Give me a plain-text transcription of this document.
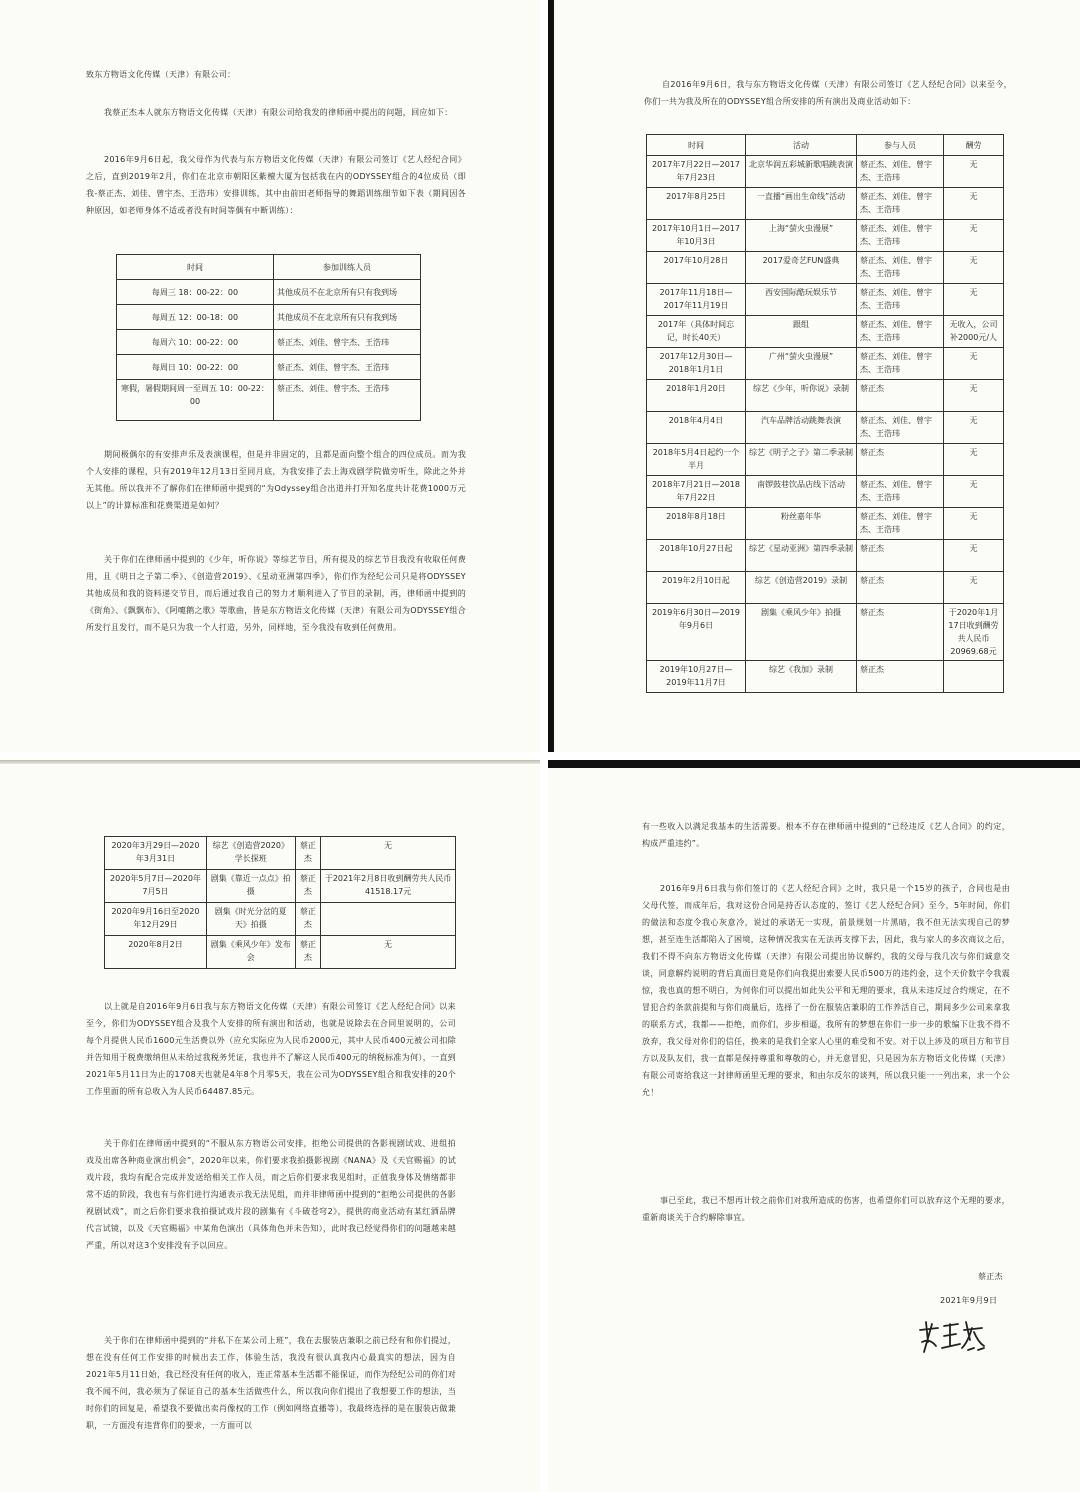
致东方物语文化传媒（天津）有限公司：

我蔡正杰本人就东方物语文化传媒（天津）有限公司给我发的律师函中提出的问题，回应如下：

2016年9月6日起，我父母作为代表与东方物语文化传媒（天津）有限公司签订《艺人经纪合同》之后，直到2019年2月，你们在北京市朝阳区紫檀大厦为包括我在内的ODYSSEY组合的4位成员（即我-蔡正杰、刘佳、曾宇杰、王浩玮）安排训练，其中由前田老师指导的舞蹈训练细节如下表（期间因各种原因，如老师身体不适或者没有时间等偶有中断训练）：

时间	参加训练人员
每周三 18：00-22：00	其他成员不在北京所有只有我到场
每周五 12：00-18：00	其他成员不在北京所有只有我到场
每周六 10：00-22：00	蔡正杰、刘佳、曾宇杰、王浩玮
每周日 10：00-22：00	蔡正杰、刘佳、曾宇杰、王浩玮
寒假，暑假期间周一至周五 10：00-22：00	蔡正杰、刘佳、曾宇杰、王浩玮

期间极偶尔的有安排声乐及表演课程，但是并非固定的，且都是面向整个组合的四位成员。而为我个人安排的课程，只有2019年12月13日至同月底，为我安排了去上海戏剧学院做旁听生，除此之外并无其他。所以我并不了解你们在律师函中提到的“为Odyssey组合出道并打开知名度共计花费1000万元以上”的计算标准和花费渠道是如何？

关于你们在律师函中提到的《少年，听你说》等综艺节目，所有提及的综艺节目我没有收取任何费用，且《明日之子第二季》、《创造营2019》、《星动亚洲第四季》，你们作为经纪公司只是将ODYSSEY其他成员和我的资料递交节目，而后通过我自己的努力才顺利进入了节目的录制，再，律师函中提到的《街角》、《飘飘布》、《阿嚏鹅之歌》等歌曲，皆是东方物语文化传媒（天津）有限公司为ODYSSEY组合所发行且发行，而不是只为我一个人打造，另外，同样地，至今我没有收到任何费用。

自2016年9月6日，我与东方物语文化传媒（天津）有限公司签订《艺人经纪合同》以来至今，你们一共为我及所在的ODYSSEY组合所安排的所有演出及商业活动如下：

时间	活动	参与人员	酬劳
2017年7月22日—2017年7月23日	北京华润五彩城新歌唱跳表演	蔡正杰、刘佳、曾宇杰、王浩玮	无
2017年8月25日	一直播“画出生命线”活动	蔡正杰、刘佳、曾宇杰、王浩玮	无
2017年10月1日—2017年10月3日	上海“萤火虫漫展”	蔡正杰、刘佳、曾宇杰、王浩玮	无
2017年10月28日	2017爱奇艺FUN盛典	蔡正杰、刘佳、曾宇杰、王浩玮	无
2017年11月18日—2017年11月19日	西安国际酷玩娱乐节	蔡正杰、刘佳、曾宇杰、王浩玮	无
2017年（具体时间忘记，时长40天）	跟组	蔡正杰、刘佳、曾宇杰、王浩玮	无收入，公司补2000元/人
2017年12月30日—2018年1月1日	广州“萤火虫漫展”	蔡正杰、刘佳、曾宇杰、王浩玮	无
2018年1月20日	综艺《少年，听你说》录制	蔡正杰	无
2018年4月4日	汽车品牌活动跳舞表演	蔡正杰、刘佳、曾宇杰、王浩玮	无
2018年5月4日起约一个半月	综艺《明子之子》第二季录制	蔡正杰	无
2018年7月21日—2018年7月22日	南锣鼓巷饮品店线下活动	蔡正杰、刘佳、曾宇杰、王浩玮	无
2018年8月18日	粉丝嘉年华	蔡正杰、刘佳、曾宇杰、王浩玮	无
2018年10月27日起	综艺《星动亚洲》第四季录制	蔡正杰	无
2019年2月10日起	综艺《创造营2019》录制	蔡正杰	无
2019年6月30日—2019年9月6日	剧集《乘风少年》拍摄	蔡正杰	于2020年1月17日收到酬劳共人民币20969.68元
2019年10月27日—2019年11月7日	综艺《我加》录制	蔡正杰	
2020年3月29日—2020年3月31日	综艺《创造营2020》学长探班	蔡正杰	无
2020年5月7日—2020年7月5日	剧集《靠近一点点》拍摄	蔡正杰	于2021年2月8日收到酬劳共人民币41518.17元
2020年9月16日至2020年12月29日	剧集《时光分岔的夏天》拍摄	蔡正杰	
2020年8月2日	剧集《乘风少年》发布会	蔡正杰	无

以上就是自2016年9月6日我与东方物语文化传媒（天津）有限公司签订《艺人经纪合同》以来至今，你们为ODYSSEY组合及我个人安排的所有演出和活动，也就是说除去在合同里说明的，公司每个月提供人民币1600元生活费以外（应允实际应为人民币2000元，其中人民币400元被公司扣除并告知用于税费缴纳但从未给过我税务凭证，我也并不了解这人民币400元的纳税标准为何），一直到2021年5月11日为止的1708天也就是4年8个月零5天，我在公司为ODYSSEY组合和我安排的20个工作里面的所有总收入为人民币64487.85元。

关于你们在律师函中提到的“不服从东方物语公司安排，拒绝公司提供的各影视剧试戏、进组拍戏及出席各种商业演出机会”，2020年以来，你们要求我拍摄影视剧《NANA》及《天官赐福》的试戏片段，我均有配合完成并发送给相关工作人员，而之后你们要求我见组时，正值我身体及情绪都非常不适的阶段，我也有与你们进行沟通表示我无法见组，而并非律师函中提到的“拒绝公司提供的各影视剧试戏”，而之后你们要求我拍摄试戏片段的剧集有《斗破苍穹2》，提供的商业活动有某红酒品牌代言试镜，以及《天官赐福》中某角色演出（具体角色并未告知），此时我已经觉得你们的问题越来越严重，所以对这3个安排没有予以回应。

关于你们在律师函中提到的“并私下在某公司上班”，我在去服装店兼职之前已经有和你们提过，想在没有任何工作安排的时候出去工作，体验生活，我没有很认真我内心最真实的想法，因为自2021年5月11日始，我已经没有任何的收入，连正常基本生活都不能保证，而作为经纪公司的你们对我不闻不问，我必须为了保证自己的基本生活做些什么，所以我向你们提出了我想要工作的想法，当时你们的回复是，希望我不要做出卖肖像权的工作（例如网络直播等），我最终选择的是在服装店做兼职，一方面没有违背你们的要求，一方面可以

有一些收入以满足我基本的生活需要。根本不存在律师函中提到的“已经违反《艺人合同》的约定，构成严重违约”。

2016年9月6日我与你们签订的《艺人经纪合同》之时，我只是一个15岁的孩子，合同也是由父母代签，而成年后，我对这份合同是持否认态度的，签订《艺人经纪合同》至今，5年时间，你们的做法和态度令我心灰意冷，说过的承诺无一实现，前景规划一片黑暗，我不但无法实现自己的梦想，甚至连生活都陷入了困境，这种情况我实在无法再支撑下去，因此，我与家人的多次商议之后，我们不得不向东方物语文化传媒（天津）有限公司提出协议解约，我的父母与我几次与你们诚意交谈，同意解约说明的背后真面目竟是你们向我提出索要人民币500万的违约金，这个天价数字令我震惊，我也真的想不明白，为何你们可以提出如此失公平和无理的要求，我从未违反过合约规定，在不冒犯合约条款前提和与你们商量后，选择了一份在服装店兼职的工作养活自己，期间多少公司来拿我的联系方式，我都——拒绝，而你们，步步相逼，我所有的梦想在你们一步一步的歌编下让我不得不放弃，我父母对你们的信任，换来的是我们全家人心里的难受和不安。对于以上涉及的项目方和节目方以及队友们，我一直都是保持尊重和尊敬的心，并无意冒犯，只是因为东方物语文化传媒（天津）有限公司寄给我这一封律师函里无理的要求，和由尔反尔的谈判，所以我只能一一列出来，求一个公允！

事已至此，我已不想再计较之前你们对我所造成的伤害，也希望你们可以放弃这个无理的要求，重新商谈关于合约解除事宜。

蔡正杰

2021年9月9日
